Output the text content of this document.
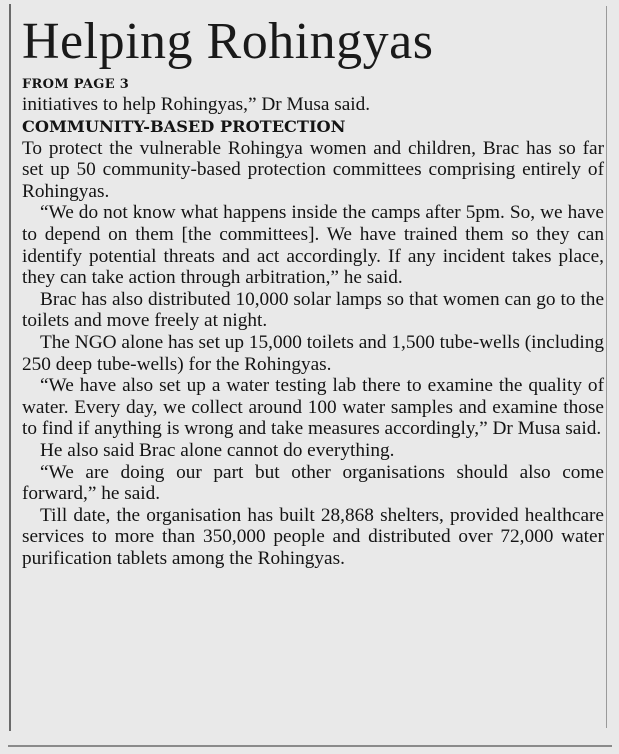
Helping Rohingyas

FROM PAGE 3

initiatives to help Rohingyas,” Dr Musa said.

COMMUNITY-BASED PROTECTION

To protect the vulnerable Rohingya women and children, Brac has so far set up 50 community-based protection committees comprising entirely of Rohingyas.

“We do not know what happens inside the camps after 5pm. So, we have to depend on them [the committees]. We have trained them so they can identify potential threats and act accordingly. If any incident takes place, they can take action through arbitration,” he said.

Brac has also distributed 10,000 solar lamps so that women can go to the toilets and move freely at night.

The NGO alone has set up 15,000 toilets and 1,500 tube-wells (including 250 deep tube-wells) for the Rohingyas.

“We have also set up a water testing lab there to examine the quality of water. Every day, we collect around 100 water samples and examine those to find if anything is wrong and take measures accordingly,” Dr Musa said.

He also said Brac alone cannot do everything.

“We are doing our part but other organisations should also come forward,” he said.

Till date, the organisation has built 28,868 shelters, provided healthcare services to more than 350,000 people and distributed over 72,000 water purification tablets among the Rohingyas.
